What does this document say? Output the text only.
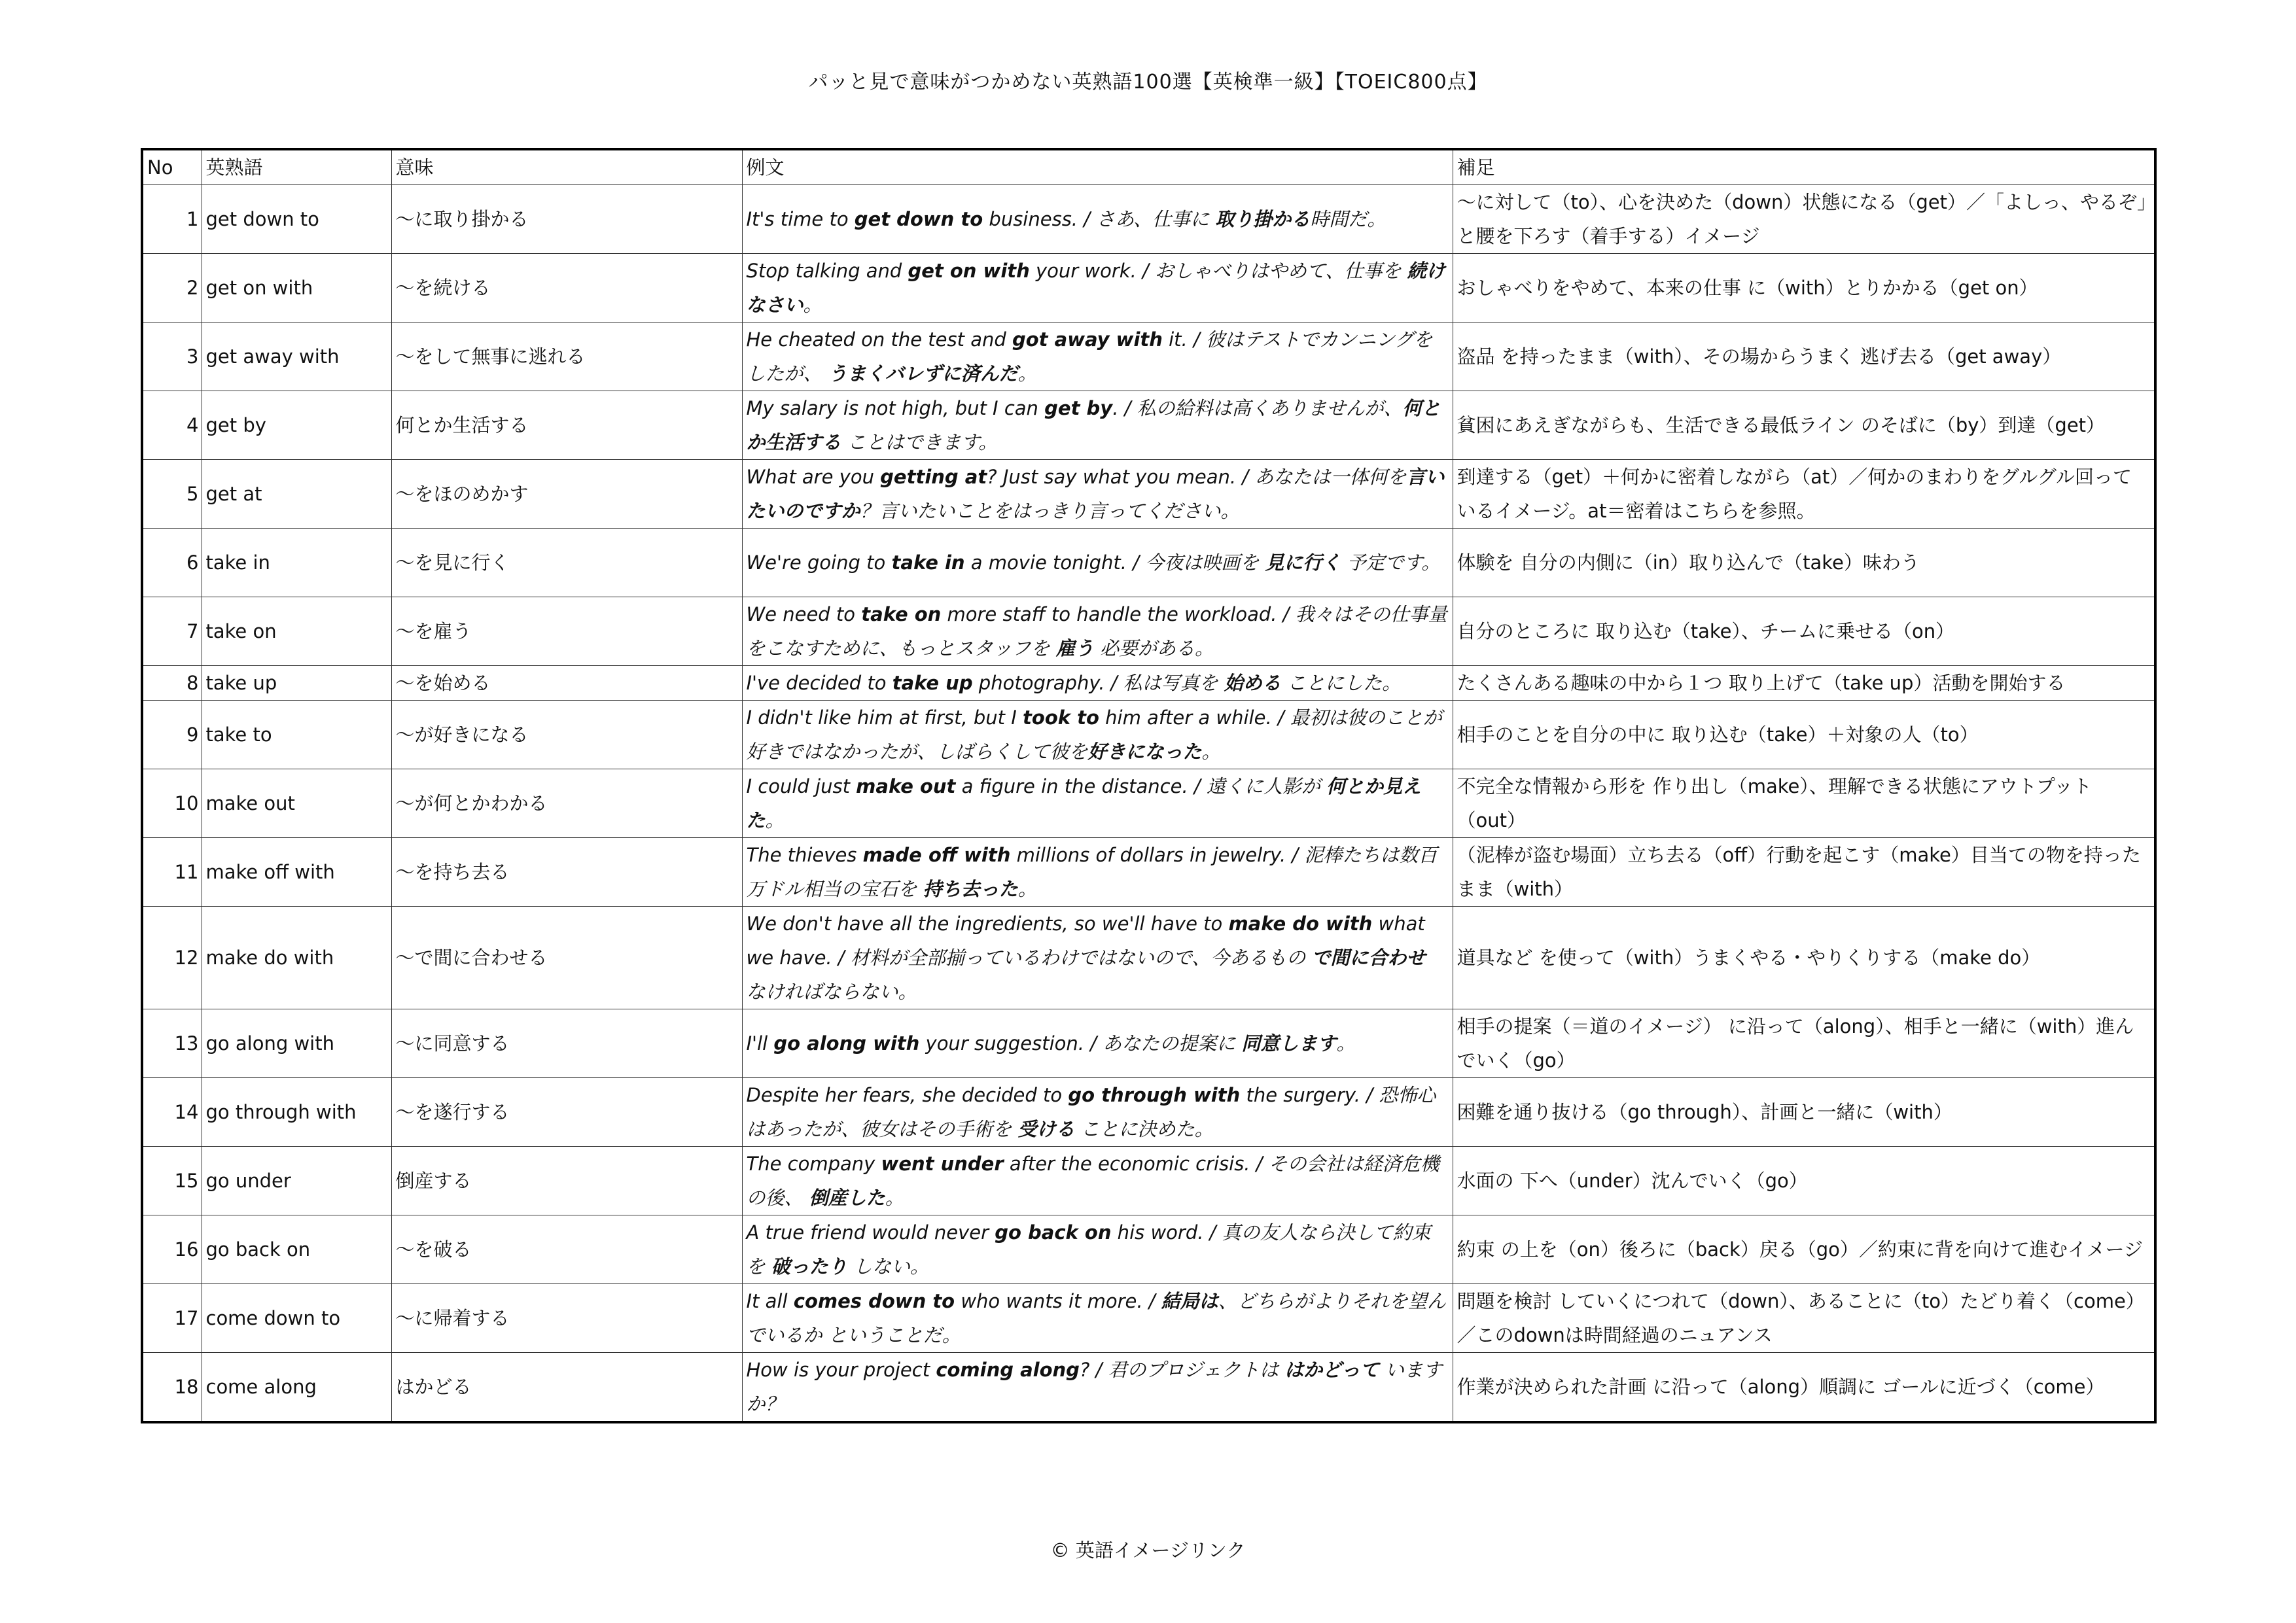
パッと見で意味がつかめない英熟語100選【英検準一級】【TOEIC800点】
No	英熟語	意味	例文	補足
1	get down to	〜に取り掛かる	It's time to get down to business. / さあ、仕事に 取り掛かる時間だ。	〜に対して（to）、心を決めた（down）状態になる（get）／「よしっ、やるぞ」と腰を下ろす（着手する）イメージ
2	get on with	〜を続ける	Stop talking and get on with your work. / おしゃべりはやめて、仕事を 続けなさい。	おしゃべりをやめて、本来の仕事 に（with）とりかかる（get on）
3	get away with	〜をして無事に逃れる	He cheated on the test and got away with it. / 彼はテストでカンニングをしたが、 うまくバレずに済んだ。	盗品 を持ったまま（with）、その場からうまく 逃げ去る（get away）
4	get by	何とか生活する	My salary is not high, but I can get by. / 私の給料は高くありませんが、何とか生活する ことはできます。	貧困にあえぎながらも、生活できる最低ライン のそばに（by）到達（get）
5	get at	〜をほのめかす	What are you getting at? Just say what you mean. / あなたは一体何を言いたいのですか？言いたいことをはっきり言ってください。	到達する（get）＋何かに密着しながら（at）／何かのまわりをグルグル回っているイメージ。at＝密着はこちらを参照。
6	take in	〜を見に行く	We're going to take in a movie tonight. / 今夜は映画を 見に行く 予定です。	体験を 自分の内側に（in）取り込んで（take）味わう
7	take on	〜を雇う	We need to take on more staff to handle the workload. / 我々はその仕事量をこなすために、もっとスタッフを 雇う 必要がある。	自分のところに 取り込む（take）、チームに乗せる（on）
8	take up	〜を始める	I've decided to take up photography. / 私は写真を 始める ことにした。	たくさんある趣味の中から１つ 取り上げて（take up）活動を開始する
9	take to	〜が好きになる	I didn't like him at first, but I took to him after a while. / 最初は彼のことが好きではなかったが、しばらくして彼を好きになった。	相手のことを自分の中に 取り込む（take）＋対象の人（to）
10	make out	〜が何とかわかる	I could just make out a figure in the distance. / 遠くに人影が 何とか見えた。	不完全な情報から形を 作り出し（make）、理解できる状態にアウトプット（out）
11	make off with	〜を持ち去る	The thieves made off with millions of dollars in jewelry. / 泥棒たちは数百万ドル相当の宝石を 持ち去った。	（泥棒が盗む場面）立ち去る（off）行動を起こす（make）目当ての物を持ったまま（with）
12	make do with	〜で間に合わせる	We don't have all the ingredients, so we'll have to make do with what we have. / 材料が全部揃っているわけではないので、今あるもの で間に合わせ なければならない。	道具など を使って（with）うまくやる・やりくりする（make do）
13	go along with	〜に同意する	I'll go along with your suggestion. / あなたの提案に 同意します。	相手の提案（＝道のイメージ） に沿って（along）、相手と一緒に（with）進んでいく（go）
14	go through with	〜を遂行する	Despite her fears, she decided to go through with the surgery. / 恐怖心はあったが、彼女はその手術を 受ける ことに決めた。	困難を通り抜ける（go through）、計画と一緒に（with）
15	go under	倒産する	The company went under after the economic crisis. / その会社は経済危機の後、 倒産した。	水面の 下へ（under）沈んでいく（go）
16	go back on	〜を破る	A true friend would never go back on his word. / 真の友人なら決して約束を 破ったり しない。	約束 の上を（on）後ろに（back）戻る（go）／約束に背を向けて進むイメージ
17	come down to	〜に帰着する	It all comes down to who wants it more. / 結局は、どちらがよりそれを望んでいるか ということだ。	問題を検討 していくにつれて（down）、あることに（to）たどり着く（come）／このdownは時間経過のニュアンス
18	come along	はかどる	How is your project coming along? / 君のプロジェクトは はかどって いますか？	作業が決められた計画 に沿って（along）順調に ゴールに近づく（come）
© 英語イメージリンク
